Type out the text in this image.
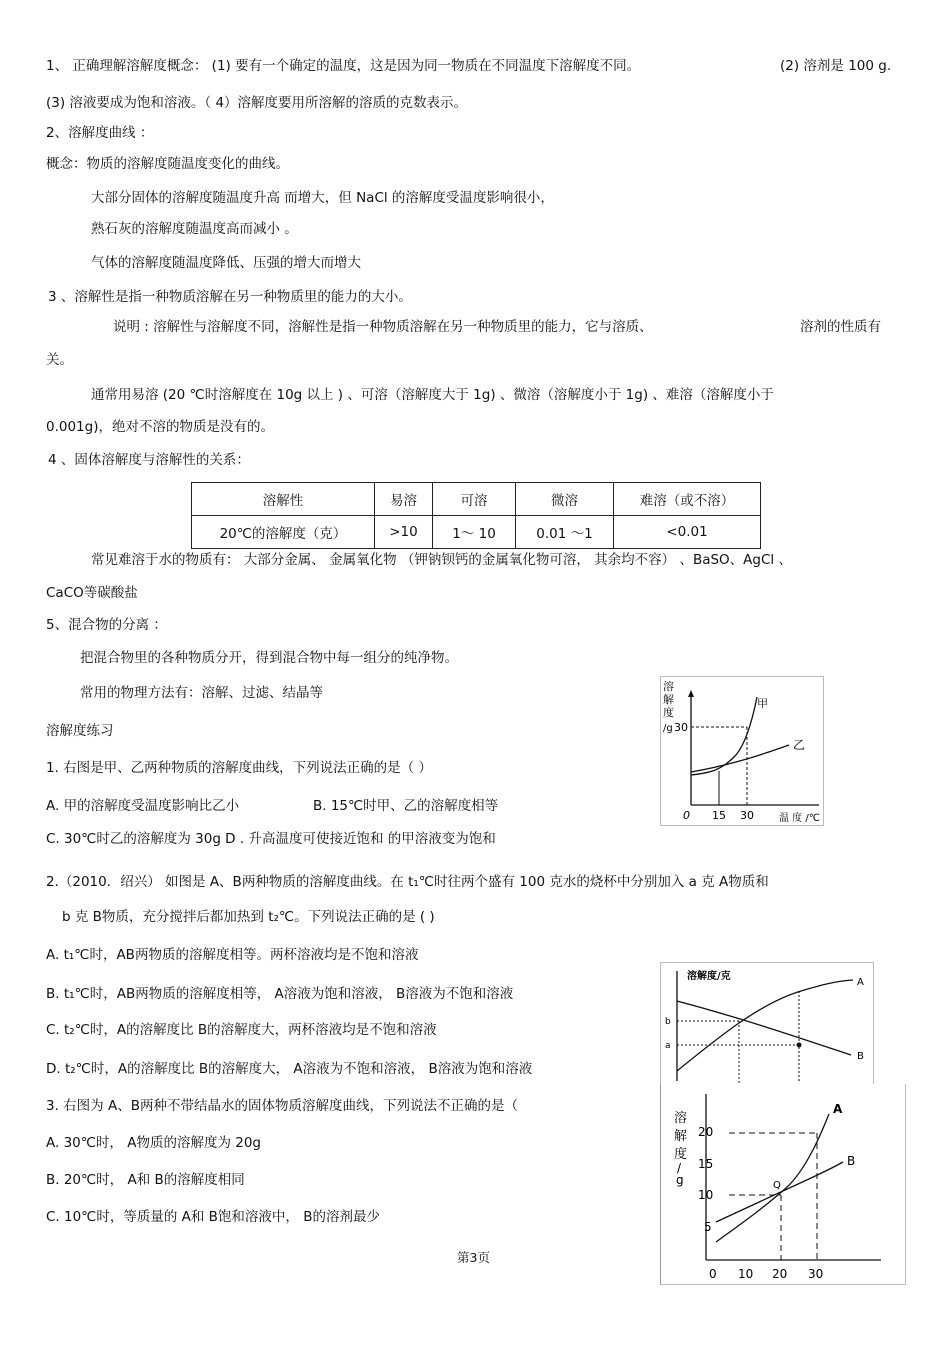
1、 正确理解溶解度概念： (1) 要有一个确定的温度，这是因为同一物质在不同温度下溶解度不同。	(2) 溶剂是 100 g.
(3) 溶液要成为饱和溶液。（ 4）溶解度要用所溶解的溶质的克数表示。
2、溶解度曲线 ：
概念：物质的溶解度随温度变化的曲线。
大部分固体的溶解度随温度升高 而增大，但 NaCl 的溶解度受温度影响很小，
熟石灰的溶解度随温度高而减小 。
气体的溶解度随温度降低、压强的增大而增大
3 、溶解性是指一种物质溶解在另一种物质里的能力的大小。
说明 : 溶解性与溶解度不同，溶解性是指一种物质溶解在另一种物质里的能力，它与溶质、	溶剂的性质有
关。
通常用易溶 (20 ℃时溶解度在 10g 以上 ) 、可溶（溶解度大于 1g) 、微溶（溶解度小于 1g) 、难溶（溶解度小于
0.001g)，绝对不溶的物质是没有的。
4 、固体溶解度与溶解性的关系：
溶解性	易溶	可溶	微溶	难溶（或不溶）
20℃的溶解度（克）	>10	1～ 10	0.01 ～1	<0.01
常见难溶于水的物质有： 大部分金属、 金属氧化物 （钾钠钡钙的金属氧化物可溶， 其余均不容） 、BaSO、AgCl 、
CaCO等碳酸盐
5、混合物的分离 ：
把混合物里的各种物质分开，得到混合物中每一组分的纯净物。
常用的物理方法有：溶解、过滤、结晶等
溶解度练习
1. 右图是甲、乙两种物质的溶解度曲线，下列说法正确的是（ ）
A. 甲的溶解度受温度影响比乙小	B. 15℃时甲、乙的溶解度相等
C. 30℃时乙的溶解度为 30g D . 升高温度可使接近饱和 的甲溶液变为饱和
2.（2010．绍兴） 如图是 A、B两种物质的溶解度曲线。在 t₁℃时往两个盛有 100 克水的烧杯中分别加入 a 克 A物质和
b 克 B物质，充分搅拌后都加热到 t₂℃。下列说法正确的是 ( )
A. t₁℃时，AB两物质的溶解度相等。两杯溶液均是不饱和溶液
B. t₁℃时，AB两物质的溶解度相等， A溶液为饱和溶液， B溶液为不饱和溶液
C. t₂℃时，A的溶解度比 B的溶解度大，两杯溶液均是不饱和溶液
D. t₂℃时，A的溶解度比 B的溶解度大， A溶液为不饱和溶液， B溶液为饱和溶液
3. 右图为 A、B两种不带结晶水的固体物质溶解度曲线，下列说法不正确的是（
A. 30℃时， A物质的溶解度为 20g
B. 20℃时， A和 B的溶解度相同
C. 10℃时，等质量的 A和 B饱和溶液中， B的溶剂最少
第3页
溶
解
度
/g 30
甲
乙
0 15 30	温 度 /℃
溶解度/克
A
B
b
a
溶
解
度
/
g
20
15
10
5
A
B
Q
0 10 20 30
